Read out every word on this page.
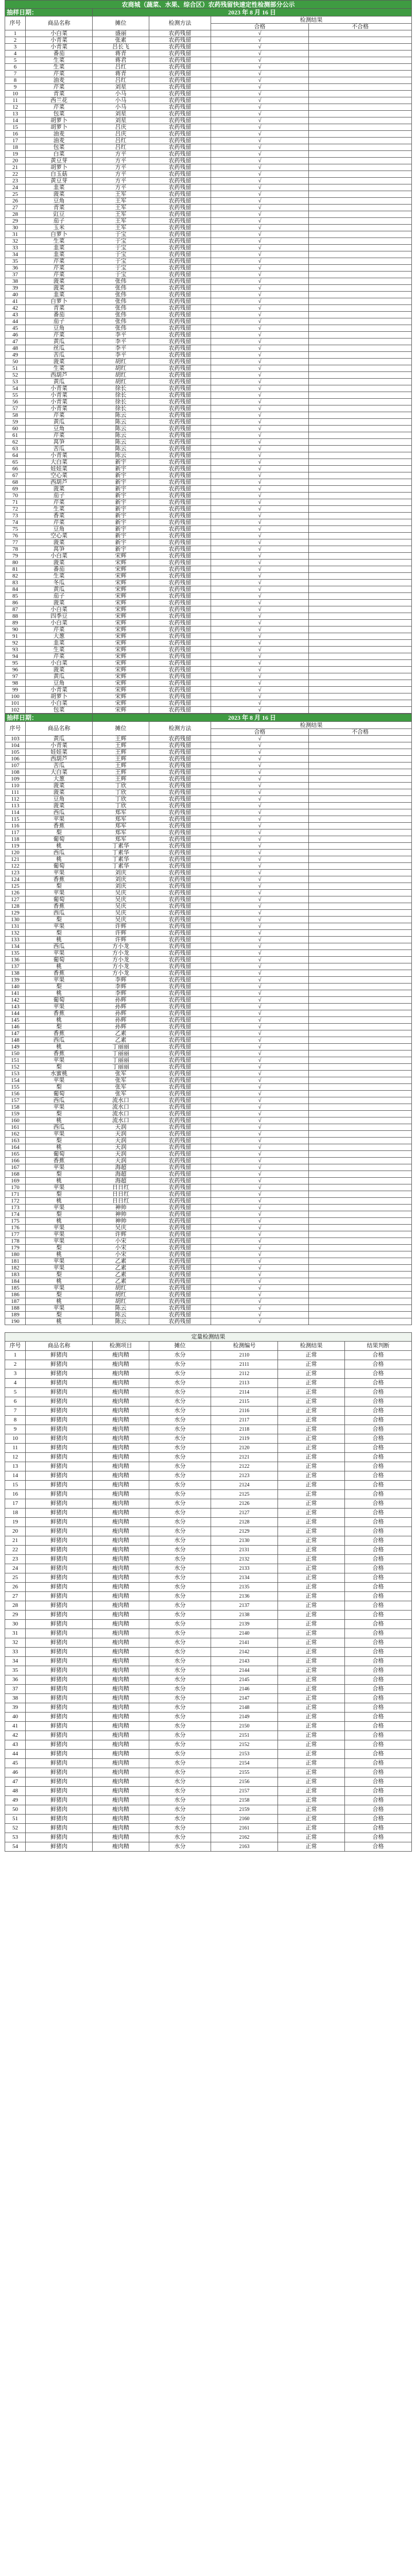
农商城（蔬菜、水果、综合区）农药残留快速定性检测部分公示					
抽样日期：		2023 年 8 月 16 日			
序号	商品名称	摊位	检测方法	检测结果	
				合格	不合格
1	小白菜	盛丽	农药残留	√	
2	小青菜	张素	农药残留	√	
3	小青菜	吕长飞	农药残留	√	
4	番茄	蒋青	农药残留	√	
5	生菜	蒋君	农药残留	√	
6	生菜	吕红	农药残留	√	
7	芹菜	蒋青	农药残留	√	
8	油麦	吕红	农药残留	√	
9	芹菜	刘星	农药残留	√	
10	青菜	小马	农药残留	√	
11	西兰花	小马	农药残留	√	
12	芹菜	小马	农药残留	√	
13	包菜	刘星	农药残留	√	
14	胡萝卜	刘星	农药残留	√	
15	胡萝卜	吕庆	农药残留	√	
16	油麦	吕庆	农药残留	√	
17	油麦	吕红	农药残留	√	
18	包菜	吕红	农药残留	√	
19	白菜	方平	农药残留	√	
20	黄豆芽	方平	农药残留	√	
21	胡萝卜	方平	农药残留	√	
22	白玉菇	方平	农药残留	√	
23	黄豆芽	方平	农药残留	√	
24	韭菜	方平	农药残留	√	
25	菠菜	王军	农药残留	√	
26	豆角	王军	农药残留	√	
27	青菜	王军	农药残留	√	
28	豇豆	王军	农药残留	√	
29	茄子	王军	农药残留	√	
30	玉米	王军	农药残留	√	
31	白萝卜	于宝	农药残留	√	
32	生菜	于宝	农药残留	√	
33	韭菜	于宝	农药残留	√	
34	韭菜	于宝	农药残留	√	
35	芹菜	于宝	农药残留	√	
36	芹菜	于宝	农药残留	√	
37	芹菜	于宝	农药残留	√	
38	菠菜	张伟	农药残留	√	
39	菠菜	张伟	农药残留	√	
40	韭菜	张伟	农药残留	√	
41	白萝卜	张伟	农药残留	√	
42	青菜	张伟	农药残留	√	
43	番茄	张伟	农药残留	√	
44	茄子	张伟	农药残留	√	
45	豆角	张伟	农药残留	√	
46	芹菜	李平	农药残留	√	
47	黄瓜	李平	农药残留	√	
48	丝瓜	李平	农药残留	√	
49	苦瓜	李平	农药残留	√	
50	菠菜	胡红	农药残留	√	
51	生菜	胡红	农药残留	√	
52	西葫芦	胡红	农药残留	√	
53	黄瓜	胡红	农药残留	√	
54	小青菜	徐长	农药残留	√	
55	小青菜	徐长	农药残留	√	
56	小青菜	徐长	农药残留	√	
57	小青菜	徐长	农药残留	√	
58	芹菜	陈云	农药残留	√	
59	黄瓜	陈云	农药残留	√	
60	豆角	陈云	农药残留	√	
61	芹菜	陈云	农药残留	√	
62	莴笋	陈云	农药残留	√	
63	苦瓜	陈云	农药残留	√	
64	小青菜	陈云	农药残留	√	
65	大白菜	新宇	农药残留	√	
66	娃娃菜	新宇	农药残留	√	
67	空心菜	新宇	农药残留	√	
68	西葫芦	新宇	农药残留	√	
69	菠菜	新宇	农药残留	√	
70	茄子	新宇	农药残留	√	
71	芹菜	新宇	农药残留	√	
72	生菜	新宇	农药残留	√	
73	香菜	新宇	农药残留	√	
74	芹菜	新宇	农药残留	√	
75	豆角	新宇	农药残留	√	
76	空心菜	新宇	农药残留	√	
77	菠菜	新宇	农药残留	√	
78	莴笋	新宇	农药残留	√	
79	小白菜	宋辉	农药残留	√	
80	菠菜	宋辉	农药残留	√	
81	番茄	宋辉	农药残留	√	
82	生菜	宋辉	农药残留	√	
83	冬瓜	宋辉	农药残留	√	
84	黄瓜	宋辉	农药残留	√	
85	茄子	宋辉	农药残留	√	
86	菠菜	宋辉	农药残留	√	
87	小白菜	宋辉	农药残留	√	
88	四季豆	宋辉	农药残留	√	
89	小白菜	宋辉	农药残留	√	
90	芹菜	宋辉	农药残留	√	
91	大葱	宋辉	农药残留	√	
92	韭菜	宋辉	农药残留	√	
93	生菜	宋辉	农药残留	√	
94	芹菜	宋辉	农药残留	√	
95	小白菜	宋辉	农药残留	√	
96	菠菜	宋辉	农药残留	√	
97	黄瓜	宋辉	农药残留	√	
98	豆角	宋辉	农药残留	√	
99	小青菜	宋辉	农药残留	√	
100	胡萝卜	宋辉	农药残留	√	
101	小白菜	宋辉	农药残留	√	
102	包菜	宋辉	农药残留	√	
抽样日期：		2023 年 8 月 16 日			
序号	商品名称	摊位	检测方法	检测结果	
				合格	不合格
103	黄瓜	王辉	农药残留	√	
104	小青菜	王辉	农药残留	√	
105	娃娃菜	王辉	农药残留	√	
106	西葫芦	王辉	农药残留	√	
107	苦瓜	王辉	农药残留	√	
108	大白菜	王辉	农药残留	√	
109	大葱	王辉	农药残留	√	
110	菠菜	丁欣	农药残留	√	
111	菠菜	丁欣	农药残留	√	
112	豆角	丁欣	农药残留	√	
113	菠菜	丁欣	农药残留	√	
114	西瓜	郑军	农药残留	√	
115	苹果	郑军	农药残留	√	
116	香蕉	郑军	农药残留	√	
117	梨	郑军	农药残留	√	
118	葡萄	郑军	农药残留	√	
119	桃	丁素华	农药残留	√	
120	西瓜	丁素华	农药残留	√	
121	桃	丁素华	农药残留	√	
122	葡萄	丁素华	农药残留	√	
123	苹果	刘庆	农药残留	√	
124	香蕉	刘庆	农药残留	√	
125	梨	刘庆	农药残留	√	
126	苹果	吴庆	农药残留	√	
127	葡萄	吴庆	农药残留	√	
128	香蕉	吴庆	农药残留	√	
129	西瓜	吴庆	农药残留	√	
130	梨	吴庆	农药残留	√	
131	苹果	许辉	农药残留	√	
132	梨	许辉	农药残留	√	
133	桃	许辉	农药残留	√	
134	西瓜	方小龙	农药残留	√	
135	苹果	方小龙	农药残留	√	
136	葡萄	方小龙	农药残留	√	
137	桃	方小龙	农药残留	√	
138	香蕉	方小龙	农药残留	√	
139	苹果	李辉	农药残留	√	
140	梨	李辉	农药残留	√	
141	桃	李辉	农药残留	√	
142	葡萄	孙辉	农药残留	√	
143	苹果	孙辉	农药残留	√	
144	香蕉	孙辉	农药残留	√	
145	桃	孙辉	农药残留	√	
146	梨	孙辉	农药残留	√	
147	香蕉	乙素	农药残留	√	
148	西瓜	乙素	农药残留	√	
149	桃	丁丽丽	农药残留	√	
150	香蕉	丁丽丽	农药残留	√	
151	苹果	丁丽丽	农药残留	√	
152	梨	丁丽丽	农药残留	√	
153	水蜜桃	张军	农药残留	√	
154	苹果	张军	农药残留	√	
155	梨	张军	农药残留	√	
156	葡萄	张军	农药残留	√	
157	西瓜	流水口	农药残留	√	
158	苹果	流水口	农药残留	√	
159	梨	流水口	农药残留	√	
160	桃	流水口	农药残留	√	
161	西瓜	天润	农药残留	√	
162	苹果	天润	农药残留	√	
163	梨	天润	农药残留	√	
164	桃	天润	农药残留	√	
165	葡萄	天润	农药残留	√	
166	香蕉	天润	农药残留	√	
167	苹果	海超	农药残留	√	
168	梨	海超	农药残留	√	
169	桃	海超	农药残留	√	
170	苹果	日日红	农药残留	√	
171	梨	日日红	农药残留	√	
172	桃	日日红	农药残留	√	
173	苹果	神帅	农药残留	√	
174	梨	神帅	农药残留	√	
175	桃	神帅	农药残留	√	
176	苹果	吴庆	农药残留	√	
177	苹果	许辉	农药残留	√	
178	苹果	小宋	农药残留	√	
179	梨	小宋	农药残留	√	
180	桃	小宋	农药残留	√	
181	苹果	乙素	农药残留	√	
182	苹果	乙素	农药残留	√	
183	梨	乙素	农药残留	√	
184	桃	乙素	农药残留	√	
185	苹果	胡红	农药残留	√	
186	梨	胡红	农药残留	√	
187	桃	胡红	农药残留	√	
188	苹果	陈云	农药残留	√	
189	梨	陈云	农药残留	√	
190	桃	陈云	农药残留	√	

定量检测结果						
序号	商品名称	检测项目	摊位	检测编号	检测结果	结果判断
1	鲜猪肉	瘦肉精	水分	2110	正常	合格
2	鲜猪肉	瘦肉精	水分	2111	正常	合格
3	鲜猪肉	瘦肉精	水分	2112	正常	合格
4	鲜猪肉	瘦肉精	水分	2113	正常	合格
5	鲜猪肉	瘦肉精	水分	2114	正常	合格
6	鲜猪肉	瘦肉精	水分	2115	正常	合格
7	鲜猪肉	瘦肉精	水分	2116	正常	合格
8	鲜猪肉	瘦肉精	水分	2117	正常	合格
9	鲜猪肉	瘦肉精	水分	2118	正常	合格
10	鲜猪肉	瘦肉精	水分	2119	正常	合格
11	鲜猪肉	瘦肉精	水分	2120	正常	合格
12	鲜猪肉	瘦肉精	水分	2121	正常	合格
13	鲜猪肉	瘦肉精	水分	2122	正常	合格
14	鲜猪肉	瘦肉精	水分	2123	正常	合格
15	鲜猪肉	瘦肉精	水分	2124	正常	合格
16	鲜猪肉	瘦肉精	水分	2125	正常	合格
17	鲜猪肉	瘦肉精	水分	2126	正常	合格
18	鲜猪肉	瘦肉精	水分	2127	正常	合格
19	鲜猪肉	瘦肉精	水分	2128	正常	合格
20	鲜猪肉	瘦肉精	水分	2129	正常	合格
21	鲜猪肉	瘦肉精	水分	2130	正常	合格
22	鲜猪肉	瘦肉精	水分	2131	正常	合格
23	鲜猪肉	瘦肉精	水分	2132	正常	合格
24	鲜猪肉	瘦肉精	水分	2133	正常	合格
25	鲜猪肉	瘦肉精	水分	2134	正常	合格
26	鲜猪肉	瘦肉精	水分	2135	正常	合格
27	鲜猪肉	瘦肉精	水分	2136	正常	合格
28	鲜猪肉	瘦肉精	水分	2137	正常	合格
29	鲜猪肉	瘦肉精	水分	2138	正常	合格
30	鲜猪肉	瘦肉精	水分	2139	正常	合格
31	鲜猪肉	瘦肉精	水分	2140	正常	合格
32	鲜猪肉	瘦肉精	水分	2141	正常	合格
33	鲜猪肉	瘦肉精	水分	2142	正常	合格
34	鲜猪肉	瘦肉精	水分	2143	正常	合格
35	鲜猪肉	瘦肉精	水分	2144	正常	合格
36	鲜猪肉	瘦肉精	水分	2145	正常	合格
37	鲜猪肉	瘦肉精	水分	2146	正常	合格
38	鲜猪肉	瘦肉精	水分	2147	正常	合格
39	鲜猪肉	瘦肉精	水分	2148	正常	合格
40	鲜猪肉	瘦肉精	水分	2149	正常	合格
41	鲜猪肉	瘦肉精	水分	2150	正常	合格
42	鲜猪肉	瘦肉精	水分	2151	正常	合格
43	鲜猪肉	瘦肉精	水分	2152	正常	合格
44	鲜猪肉	瘦肉精	水分	2153	正常	合格
45	鲜猪肉	瘦肉精	水分	2154	正常	合格
46	鲜猪肉	瘦肉精	水分	2155	正常	合格
47	鲜猪肉	瘦肉精	水分	2156	正常	合格
48	鲜猪肉	瘦肉精	水分	2157	正常	合格
49	鲜猪肉	瘦肉精	水分	2158	正常	合格
50	鲜猪肉	瘦肉精	水分	2159	正常	合格
51	鲜猪肉	瘦肉精	水分	2160	正常	合格
52	鲜猪肉	瘦肉精	水分	2161	正常	合格
53	鲜猪肉	瘦肉精	水分	2162	正常	合格
54	鲜猪肉	瘦肉精	水分	2163	正常	合格
